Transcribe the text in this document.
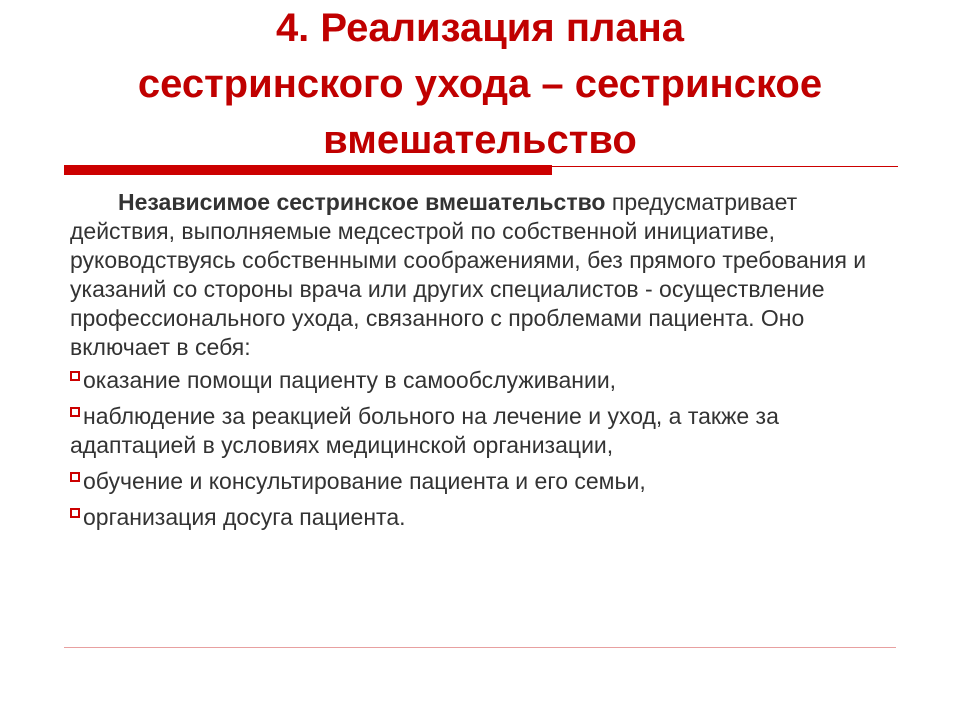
4. Реализация плана
сестринского ухода – сестринское
вмешательство

Независимое сестринское вмешательство предусматривает действия, выполняемые медсестрой по собственной инициативе, руководствуясь собственными соображениями, без прямого требования и указаний со стороны врача или других специалистов - осуществление профессионального ухода, связанного с проблемами пациента. Оно включает в себя:

оказание помощи пациенту в самообслуживании,
наблюдение за реакцией больного на лечение и уход, а также за адаптацией в условиях медицинской организации,
обучение и консультирование пациента и его семьи,
организация досуга пациента.
